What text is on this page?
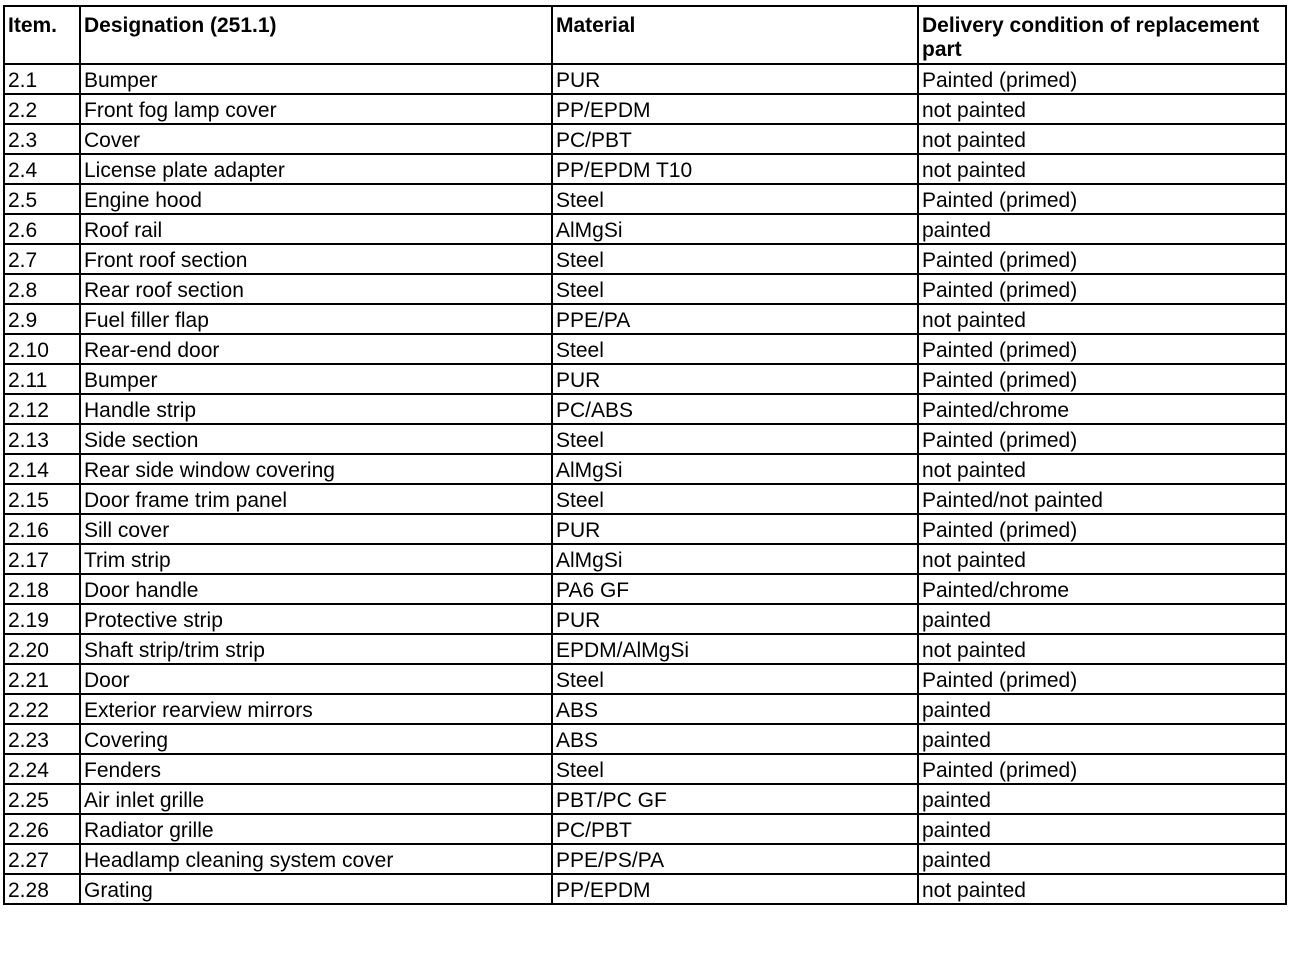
Item.	Designation (251.1)	Material	Delivery condition of replacement part
2.1	Bumper	PUR	Painted (primed)
2.2	Front fog lamp cover	PP/EPDM	not painted
2.3	Cover	PC/PBT	not painted
2.4	License plate adapter	PP/EPDM T10	not painted
2.5	Engine hood	Steel	Painted (primed)
2.6	Roof rail	AlMgSi	painted
2.7	Front roof section	Steel	Painted (primed)
2.8	Rear roof section	Steel	Painted (primed)
2.9	Fuel filler flap	PPE/PA	not painted
2.10	Rear-end door	Steel	Painted (primed)
2.11	Bumper	PUR	Painted (primed)
2.12	Handle strip	PC/ABS	Painted/chrome
2.13	Side section	Steel	Painted (primed)
2.14	Rear side window covering	AlMgSi	not painted
2.15	Door frame trim panel	Steel	Painted/not painted
2.16	Sill cover	PUR	Painted (primed)
2.17	Trim strip	AlMgSi	not painted
2.18	Door handle	PA6 GF	Painted/chrome
2.19	Protective strip	PUR	painted
2.20	Shaft strip/trim strip	EPDM/AlMgSi	not painted
2.21	Door	Steel	Painted (primed)
2.22	Exterior rearview mirrors	ABS	painted
2.23	Covering	ABS	painted
2.24	Fenders	Steel	Painted (primed)
2.25	Air inlet grille	PBT/PC GF	painted
2.26	Radiator grille	PC/PBT	painted
2.27	Headlamp cleaning system cover	PPE/PS/PA	painted
2.28	Grating	PP/EPDM	not painted
